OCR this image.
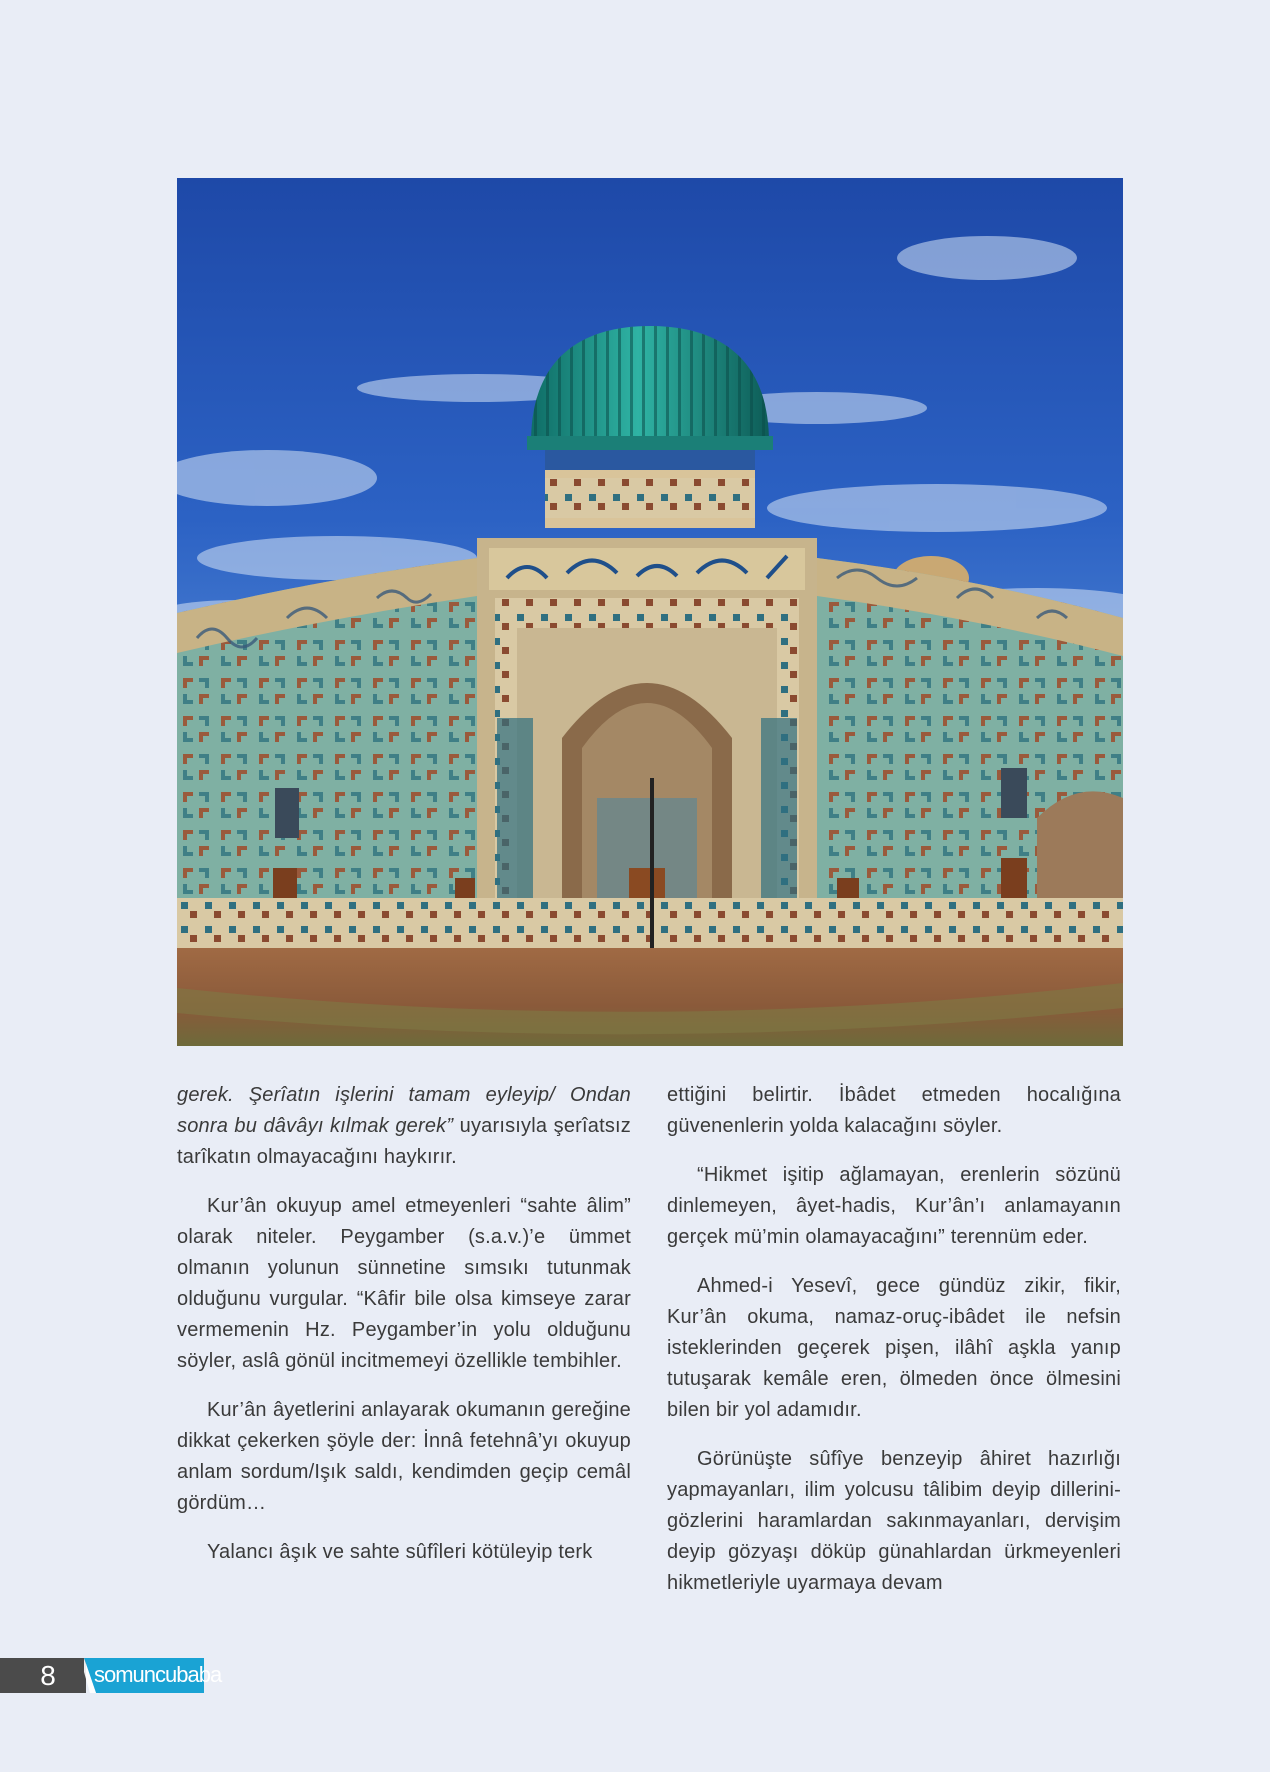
gerek. Şerîatın işlerini tamam eyleyip/ Ondan sonra bu dâvâyı kılmak gerek” uyarısıyla şerîatsız tarîkatın olmayacağını haykırır.

Kur’ân okuyup amel etmeyenleri “sahte âlim” olarak niteler. Peygamber (s.a.v.)’e ümmet olmanın yolunun sünnetine sımsıkı tutunmak olduğunu vurgular. “Kâfir bile olsa kimseye zarar vermemenin Hz. Peygamber’in yolu olduğunu söyler, aslâ gönül incitmemeyi özellikle tembihler.

Kur’ân âyetlerini anlayarak okumanın gereğine dikkat çekerken şöyle der: İnnâ fetehnâ’yı okuyup anlam sordum/Işık saldı, kendimden geçip cemâl gördüm…

Yalancı âşık ve sahte sûfîleri kötüleyip terk

ettiğini belirtir. İbâdet etmeden hocalığına güvenenlerin yolda kalacağını söyler.

“Hikmet işitip ağlamayan, erenlerin sözünü dinlemeyen, âyet-hadis, Kur’ân’ı anlamayanın gerçek mü’min olamayacağını” terennüm eder.

Ahmed-i Yesevî, gece gündüz zikir, fikir, Kur’ân okuma, namaz-oruç-ibâdet ile nefsin isteklerinden geçerek pişen, ilâhî aşkla yanıp tutuşarak kemâle eren, ölmeden önce ölmesini bilen bir yol adamıdır.

Görünüşte sûfîye benzeyip âhiret hazırlığı yapmayanları, ilim yolcusu tâlibim deyip dillerini-gözlerini haramlardan sakınmayanları, dervişim deyip gözyaşı döküp günahlardan ürkmeyenleri hikmetleriyle uyarmaya devam

8	somuncubaba
